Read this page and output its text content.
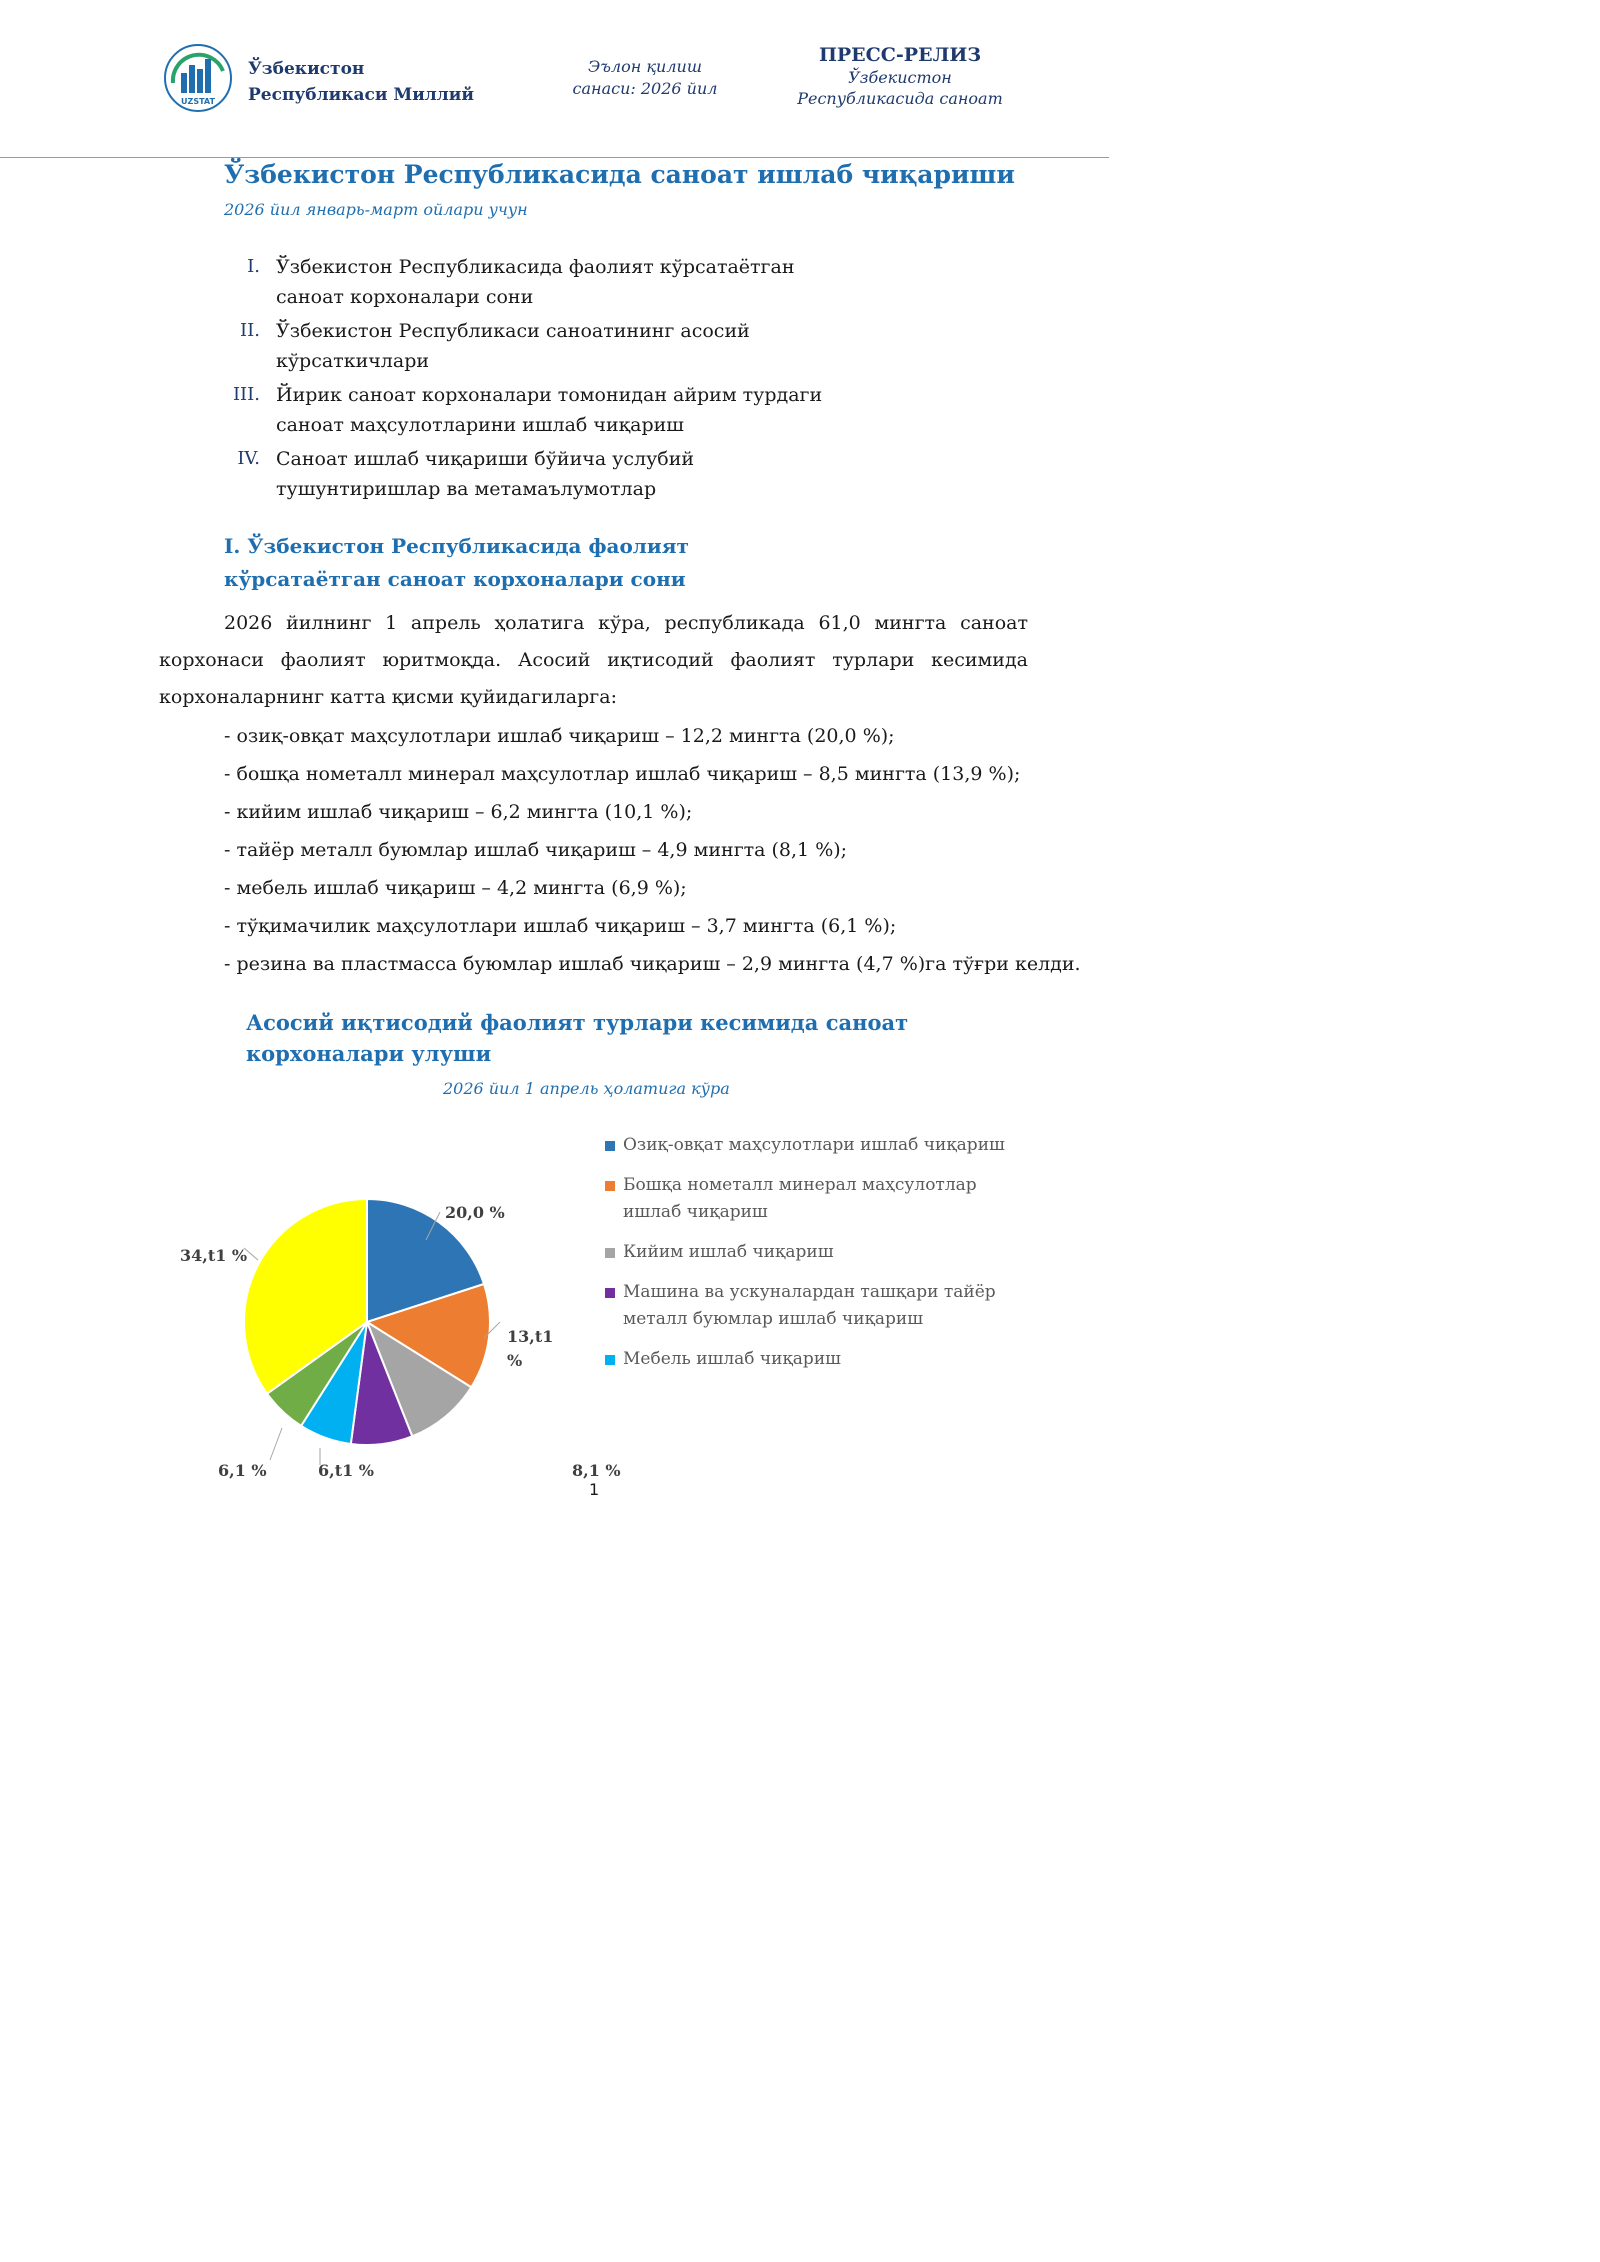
UZSTAT
Ўзбекистон
Республикаси Миллий
Эълон қилиш
санаси: 2026 йил
ПРЕСС-РЕЛИЗ
Ўзбекистон
Республикасида саноат
Ўзбекистон Республикасида саноат ишлаб чиқариши
2026 йил январь-март ойлари учун
I. Ўзбекистон Республикасида фаолият кўрсатаётган саноат корхоналари сони
II. Ўзбекистон Республикаси саноатининг асосий кўрсаткичлари
III. Йирик саноат корхоналари томонидан айрим турдаги саноат маҳсулотларини ишлаб чиқариш
IV. Саноат ишлаб чиқариши бўйича услубий тушунтиришлар ва метамаълумотлар
I. Ўзбекистон Республикасида фаолият
кўрсатаётган саноат корхоналари сони
2026 йилнинг 1 апрель ҳолатига кўра, республикада 61,0 мингта саноат корхонаси фаолият юритмоқда. Асосий иқтисодий фаолият турлари кесимида корхоналарнинг катта қисми қуйидагиларга:
- озиқ-овқат маҳсулотлари ишлаб чиқариш – 12,2 мингта (20,0 %);
- бошқа нометалл минерал маҳсулотлар ишлаб чиқариш – 8,5 мингта (13,9 %);
- кийим ишлаб чиқариш – 6,2 мингта (10,1 %);
- тайёр металл буюмлар ишлаб чиқариш – 4,9 мингта (8,1 %);
- мебель ишлаб чиқариш – 4,2 мингта (6,9 %);
- тўқимачилик маҳсулотлари ишлаб чиқариш – 3,7 мингта (6,1 %);
- резина ва пластмасса буюмлар ишлаб чиқариш – 2,9 мингта (4,7 %)га тўғри келди.
Асосий иқтисодий фаолият турлари кесимида саноат корхоналари улуши
2026 йил 1 апрель ҳолатига кўра
20,0 %
13,t1 %
8,1 %
6,t1 %
6,1 %
34,t1 %
Озиқ-овқат маҳсулотлари ишлаб чиқариш
Бошқа нометалл минерал маҳсулотлар ишлаб чиқариш
Кийим ишлаб чиқариш
Машина ва ускуналардан ташқари тайёр металл буюмлар ишлаб чиқариш
Мебель ишлаб чиқариш
1
